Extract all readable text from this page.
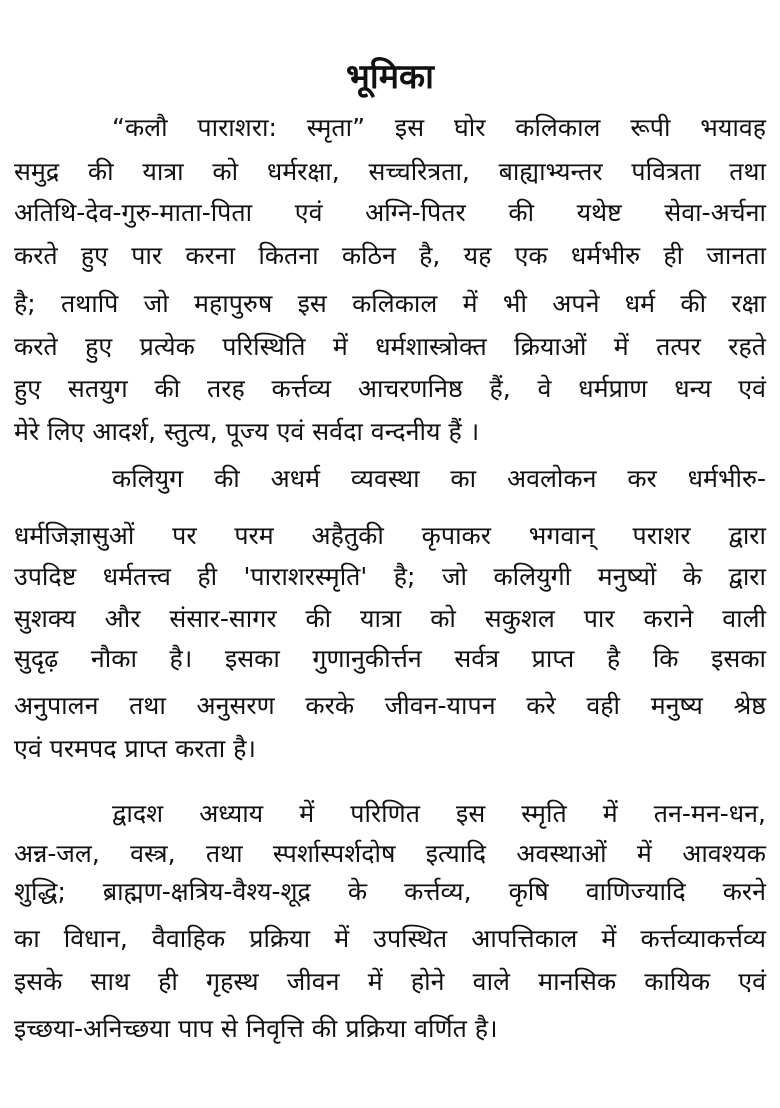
भूमिका
“कलौ पाराशरा: स्मृता” इस घोर कलिकाल रूपी भयावह
समुद्र की यात्रा को धर्मरक्षा, सच्चरित्रता, बाह्याभ्यन्तर पवित्रता तथा
अतिथि-देव-गुरु-माता-पिता एवं अग्नि-पितर की यथेष्ट सेवा-अर्चना
करते हुए पार करना कितना कठिन है, यह एक धर्मभीरु ही जानता
है; तथापि जो महापुरुष इस कलिकाल में भी अपने धर्म की रक्षा
करते हुए प्रत्येक परिस्थिति में धर्मशास्त्रोक्त क्रियाओं में तत्पर रहते
हुए सतयुग की तरह कर्त्तव्य आचरणनिष्ठ हैं, वे धर्मप्राण धन्य एवं
मेरे लिए आदर्श, स्तुत्य, पूज्य एवं सर्वदा वन्दनीय हैं ।
कलियुग की अधर्म व्यवस्था का अवलोकन कर धर्मभीरु-
धर्मजिज्ञासुओं पर परम अहैतुकी कृपाकर भगवान् पराशर द्वारा
उपदिष्ट धर्मतत्त्व ही 'पाराशरस्मृति' है; जो कलियुगी मनुष्यों के द्वारा
सुशक्य और संसार-सागर की यात्रा को सकुशल पार कराने वाली
सुदृढ़ नौका है। इसका गुणानुकीर्त्तन सर्वत्र प्राप्त है कि इसका
अनुपालन तथा अनुसरण करके जीवन-यापन करे वही मनुष्य श्रेष्ठ
एवं परमपद प्राप्त करता है।
द्वादश अध्याय में परिणित इस स्मृति में तन-मन-धन,
अन्न-जल, वस्त्र, तथा स्पर्शास्पर्शदोष इत्यादि अवस्थाओं में आवश्यक
शुद्धि; ब्राह्मण-क्षत्रिय-वैश्य-शूद्र के कर्त्तव्य, कृषि वाणिज्यादि करने
का विधान, वैवाहिक प्रक्रिया में उपस्थित आपत्तिकाल में कर्त्तव्याकर्त्तव्य
इसके साथ ही गृहस्थ जीवन में होने वाले मानसिक कायिक एवं
इच्छया-अनिच्छया पाप से निवृत्ति की प्रक्रिया वर्णित है।
